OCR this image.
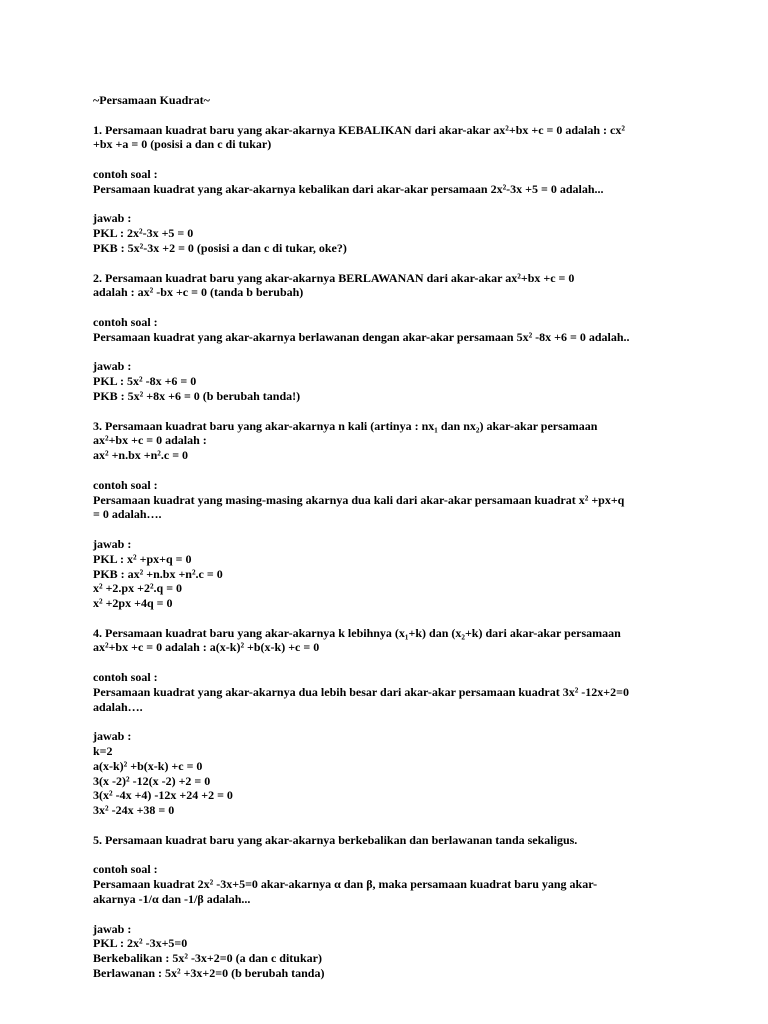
~Persamaan Kuadrat~
1. Persamaan kuadrat baru yang akar-akarnya KEBALIKAN dari akar-akar ax²+bx +c = 0 adalah : cx²
+bx +a = 0 (posisi a dan c di tukar)
contoh soal :
Persamaan kuadrat yang akar-akarnya kebalikan dari akar-akar persamaan 2x²-3x +5 = 0 adalah...
jawab :
PKL : 2x²-3x +5 = 0
PKB : 5x²-3x +2 = 0 (posisi a dan c di tukar, oke?)
2. Persamaan kuadrat baru yang akar-akarnya BERLAWANAN dari akar-akar ax²+bx +c = 0
adalah : ax² -bx +c = 0 (tanda b berubah)
contoh soal :
Persamaan kuadrat yang akar-akarnya berlawanan dengan akar-akar persamaan 5x² -8x +6 = 0 adalah..
jawab :
PKL : 5x² -8x +6 = 0
PKB : 5x² +8x +6 = 0 (b berubah tanda!)
3. Persamaan kuadrat baru yang akar-akarnya n kali (artinya : nx₁ dan nx₂) akar-akar persamaan
ax²+bx +c = 0 adalah :
ax² +n.bx +n².c = 0
contoh soal :
Persamaan kuadrat yang masing-masing akarnya dua kali dari akar-akar persamaan kuadrat x² +px+q
= 0 adalah….
jawab :
PKL : x² +px+q = 0
PKB : ax² +n.bx +n².c = 0
x² +2.px +2².q = 0
x² +2px +4q = 0
4. Persamaan kuadrat baru yang akar-akarnya k lebihnya (x₁+k) dan (x₂+k) dari akar-akar persamaan
ax²+bx +c = 0 adalah : a(x-k)² +b(x-k) +c = 0
contoh soal :
Persamaan kuadrat yang akar-akarnya dua lebih besar dari akar-akar persamaan kuadrat 3x² -12x+2=0
adalah….
jawab :
k=2
a(x-k)² +b(x-k) +c = 0
3(x -2)² -12(x -2) +2 = 0
3(x² -4x +4) -12x +24 +2 = 0
3x² -24x +38 = 0
5. Persamaan kuadrat baru yang akar-akarnya berkebalikan dan berlawanan tanda sekaligus.
contoh soal :
Persamaan kuadrat 2x² -3x+5=0 akar-akarnya α dan β, maka persamaan kuadrat baru yang akar-
akarnya -1/α dan -1/β adalah...
jawab :
PKL : 2x² -3x+5=0
Berkebalikan : 5x² -3x+2=0 (a dan c ditukar)
Berlawanan : 5x² +3x+2=0 (b berubah tanda)
